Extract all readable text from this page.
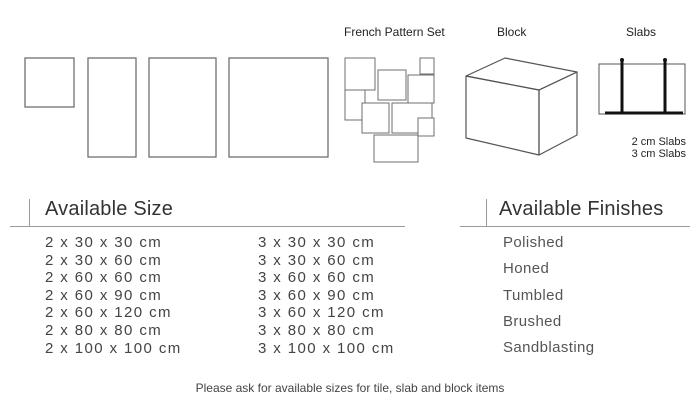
French Pattern Set	Block	Slabs
2 cm Slabs
3 cm Slabs
Available Size
2 x 30 x 30 cm
2 x 30 x 60 cm
2 x 60 x 60 cm
2 x 60 x 90 cm
2 x 60 x 120 cm
2 x 80 x 80 cm
2 x 100 x 100 cm
3 x 30 x 30 cm
3 x 30 x 60 cm
3 x 60 x 60 cm
3 x 60 x 90 cm
3 x 60 x 120 cm
3 x 80 x 80 cm
3 x 100 x 100 cm
Available Finishes
Polished
Honed
Tumbled
Brushed
Sandblasting
Please ask for available sizes for tile, slab and block items
